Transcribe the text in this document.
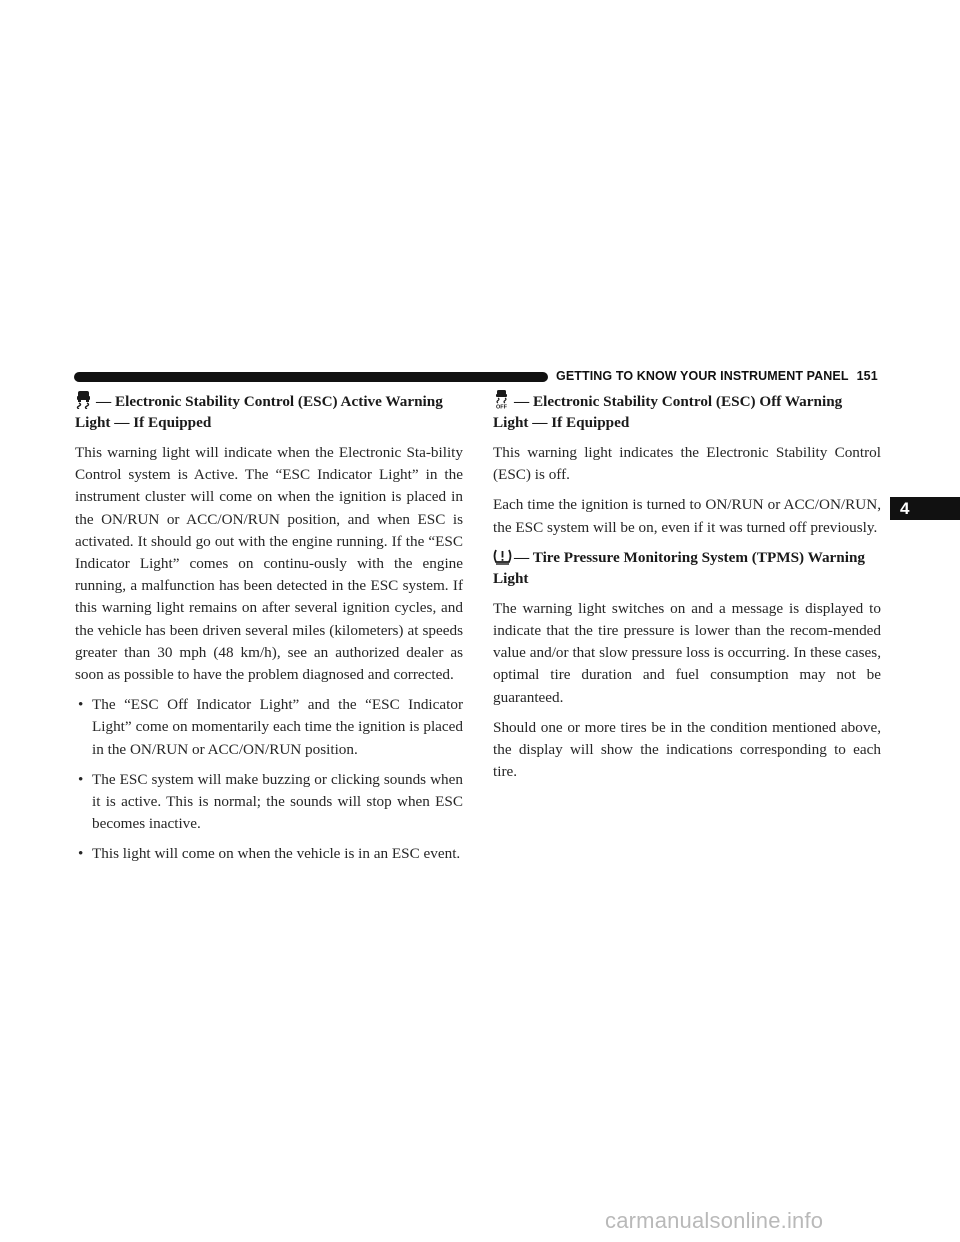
GETTING TO KNOW YOUR INSTRUMENT PANEL 151
4
— Electronic Stability Control (ESC) Active Warning Light — If Equipped

This warning light will indicate when the Electronic Sta-bility Control system is Active. The “ESC Indicator Light” in the instrument cluster will come on when the ignition is placed in the ON/RUN or ACC/ON/RUN position, and when ESC is activated. It should go out with the engine running. If the “ESC Indicator Light” comes on continu-ously with the engine running, a malfunction has been detected in the ESC system. If this warning light remains on after several ignition cycles, and the vehicle has been driven several miles (kilometers) at speeds greater than 30 mph (48 km/h), see an authorized dealer as soon as possible to have the problem diagnosed and corrected.

• The “ESC Off Indicator Light” and the “ESC Indicator Light” come on momentarily each time the ignition is placed in the ON/RUN or ACC/ON/RUN position.
• The ESC system will make buzzing or clicking sounds when it is active. This is normal; the sounds will stop when ESC becomes inactive.
• This light will come on when the vehicle is in an ESC event.
OFF — Electronic Stability Control (ESC) Off Warning Light — If Equipped

This warning light indicates the Electronic Stability Control (ESC) is off.

Each time the ignition is turned to ON/RUN or ACC/ON/RUN, the ESC system will be on, even if it was turned off previously.

— Tire Pressure Monitoring System (TPMS) Warning Light

The warning light switches on and a message is displayed to indicate that the tire pressure is lower than the recom-mended value and/or that slow pressure loss is occurring. In these cases, optimal tire duration and fuel consumption may not be guaranteed.

Should one or more tires be in the condition mentioned above, the display will show the indications corresponding to each tire.

carmanualsonline.info
